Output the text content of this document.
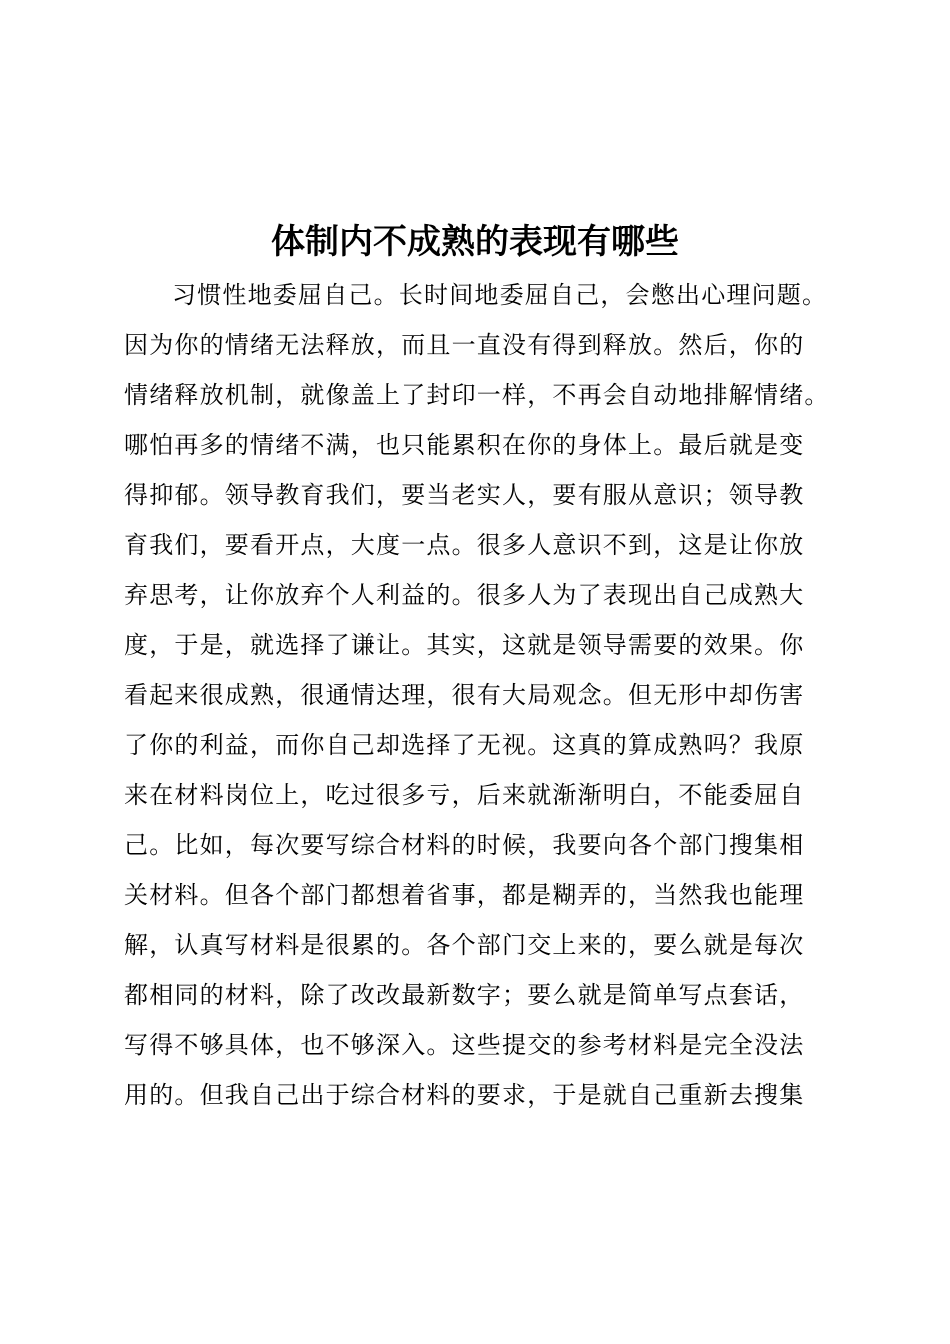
体制内不成熟的表现有哪些
习惯性地委屈自己。长时间地委屈自己，会憋出心理问题。
因为你的情绪无法释放，而且一直没有得到释放。然后，你的
情绪释放机制，就像盖上了封印一样，不再会自动地排解情绪。
哪怕再多的情绪不满，也只能累积在你的身体上。最后就是变
得抑郁。领导教育我们，要当老实人，要有服从意识；领导教
育我们，要看开点，大度一点。很多人意识不到，这是让你放
弃思考，让你放弃个人利益的。很多人为了表现出自己成熟大
度，于是，就选择了谦让。其实，这就是领导需要的效果。你
看起来很成熟，很通情达理，很有大局观念。但无形中却伤害
了你的利益，而你自己却选择了无视。这真的算成熟吗？我原
来在材料岗位上，吃过很多亏，后来就渐渐明白，不能委屈自
己。比如，每次要写综合材料的时候，我要向各个部门搜集相
关材料。但各个部门都想着省事，都是糊弄的，当然我也能理
解，认真写材料是很累的。各个部门交上来的，要么就是每次
都相同的材料，除了改改最新数字；要么就是简单写点套话，
写得不够具体，也不够深入。这些提交的参考材料是完全没法
用的。但我自己出于综合材料的要求，于是就自己重新去搜集
